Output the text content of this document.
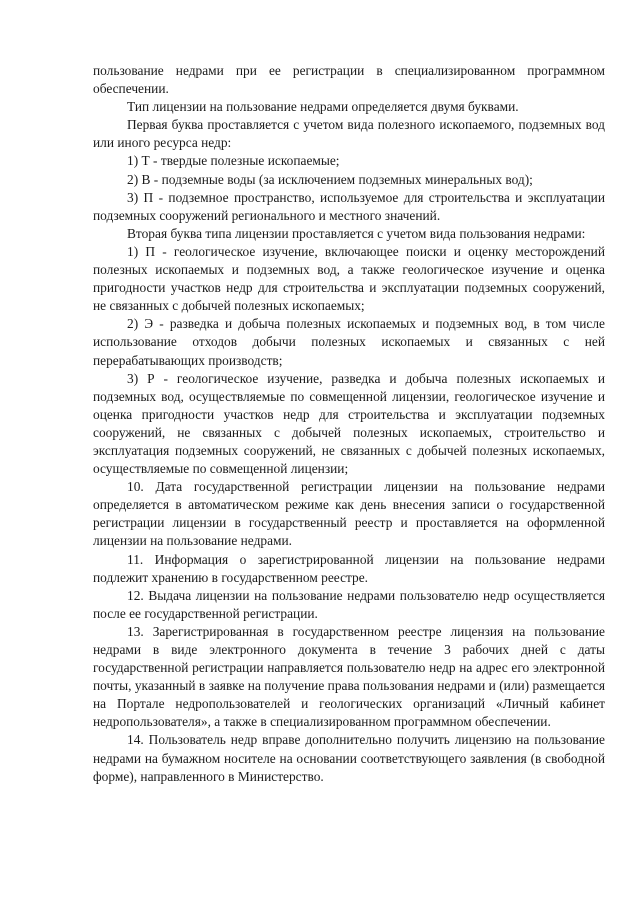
пользование недрами при ее регистрации в специализированном программном обеспечении.

Тип лицензии на пользование недрами определяется двумя буквами.

Первая буква проставляется с учетом вида полезного ископаемого, подземных вод или иного ресурса недр:

1) Т - твердые полезные ископаемые;

2) В - подземные воды (за исключением подземных минеральных вод);

3) П - подземное пространство, используемое для строительства и эксплуатации подземных сооружений регионального и местного значений.

Вторая буква типа лицензии проставляется с учетом вида пользования недрами:

1) П - геологическое изучение, включающее поиски и оценку месторождений полезных ископаемых и подземных вод, а также геологическое изучение и оценка пригодности участков недр для строительства и эксплуатации подземных сооружений, не связанных с добычей полезных ископаемых;

2) Э - разведка и добыча полезных ископаемых и подземных вод, в том числе использование отходов добычи полезных ископаемых и связанных с ней перерабатывающих производств;

3) Р - геологическое изучение, разведка и добыча полезных ископаемых и подземных вод, осуществляемые по совмещенной лицензии, геологическое изучение и оценка пригодности участков недр для строительства и эксплуатации подземных сооружений, не связанных с добычей полезных ископаемых, строительство и эксплуатация подземных сооружений, не связанных с добычей полезных ископаемых, осуществляемые по совмещенной лицензии;

10. Дата государственной регистрации лицензии на пользование недрами определяется в автоматическом режиме как день внесения записи о государственной регистрации лицензии в государственный реестр и проставляется на оформленной лицензии на пользование недрами.

11. Информация о зарегистрированной лицензии на пользование недрами подлежит хранению в государственном реестре.

12. Выдача лицензии на пользование недрами пользователю недр осуществляется после ее государственной регистрации.

13. Зарегистрированная в государственном реестре лицензия на пользование недрами в виде электронного документа в течение 3 рабочих дней с даты государственной регистрации направляется пользователю недр на адрес его электронной почты, указанный в заявке на получение права пользования недрами и (или) размещается на Портале недропользователей и геологических организаций «Личный кабинет недропользователя», а также в специализированном программном обеспечении.

14. Пользователь недр вправе дополнительно получить лицензию на пользование недрами на бумажном носителе на основании соответствующего заявления (в свободной форме), направленного в Министерство.
